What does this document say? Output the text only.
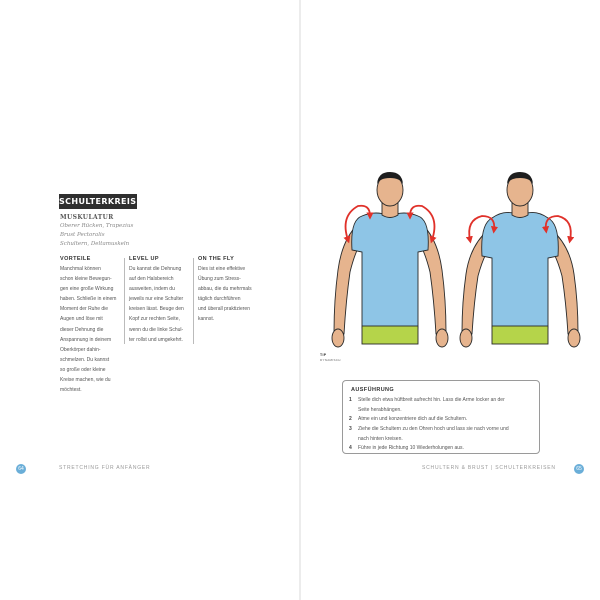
SCHULTERKREISEN
MUSKULATUR
Oberer Rücken, Trapezius
Brust Pectoralis
Schultern, Deltamuskeln
VORTEILE
Manchmal können
schon kleine Bewegun-
gen eine große Wirkung
haben. Schließe in einem
Moment der Ruhe die
Augen und löse mit
dieser Dehnung die
Anspannung in deinem
Oberkörper dahin-
schmelzen. Du kannst
so große oder kleine
Kreise machen, wie du
möchtest.
LEVEL UP
Du kannst die Dehnung
auf den Halsbereich
ausweiten, indem du
jeweils nur eine Schulter
kreisen lässt. Beuge den
Kopf zur rechten Seite,
wenn du die linke Schul-
ter rollst und umgekehrt.
ON THE FLY
Dies ist eine effektive
Übung zum Stress-
abbau, die du mehrmals
täglich durchführen
und überall praktizieren
kannst.
64	STRETCHING FÜR ANFÄNGER
TIP
DYNAMISCH
AUSFÜHRUNG
1 Stelle dich etwa hüftbreit aufrecht hin. Lass die Arme locker an der
Seite herabhängen.
2 Atme ein und konzentriere dich auf die Schultern.
3 Ziehe die Schultern zu den Ohren hoch und lass sie nach vorne und
nach hinten kreisen.
4 Führe in jede Richtung 10 Wiederholungen aus.
SCHULTERN & BRUST | SCHULTERKREISEN	65
